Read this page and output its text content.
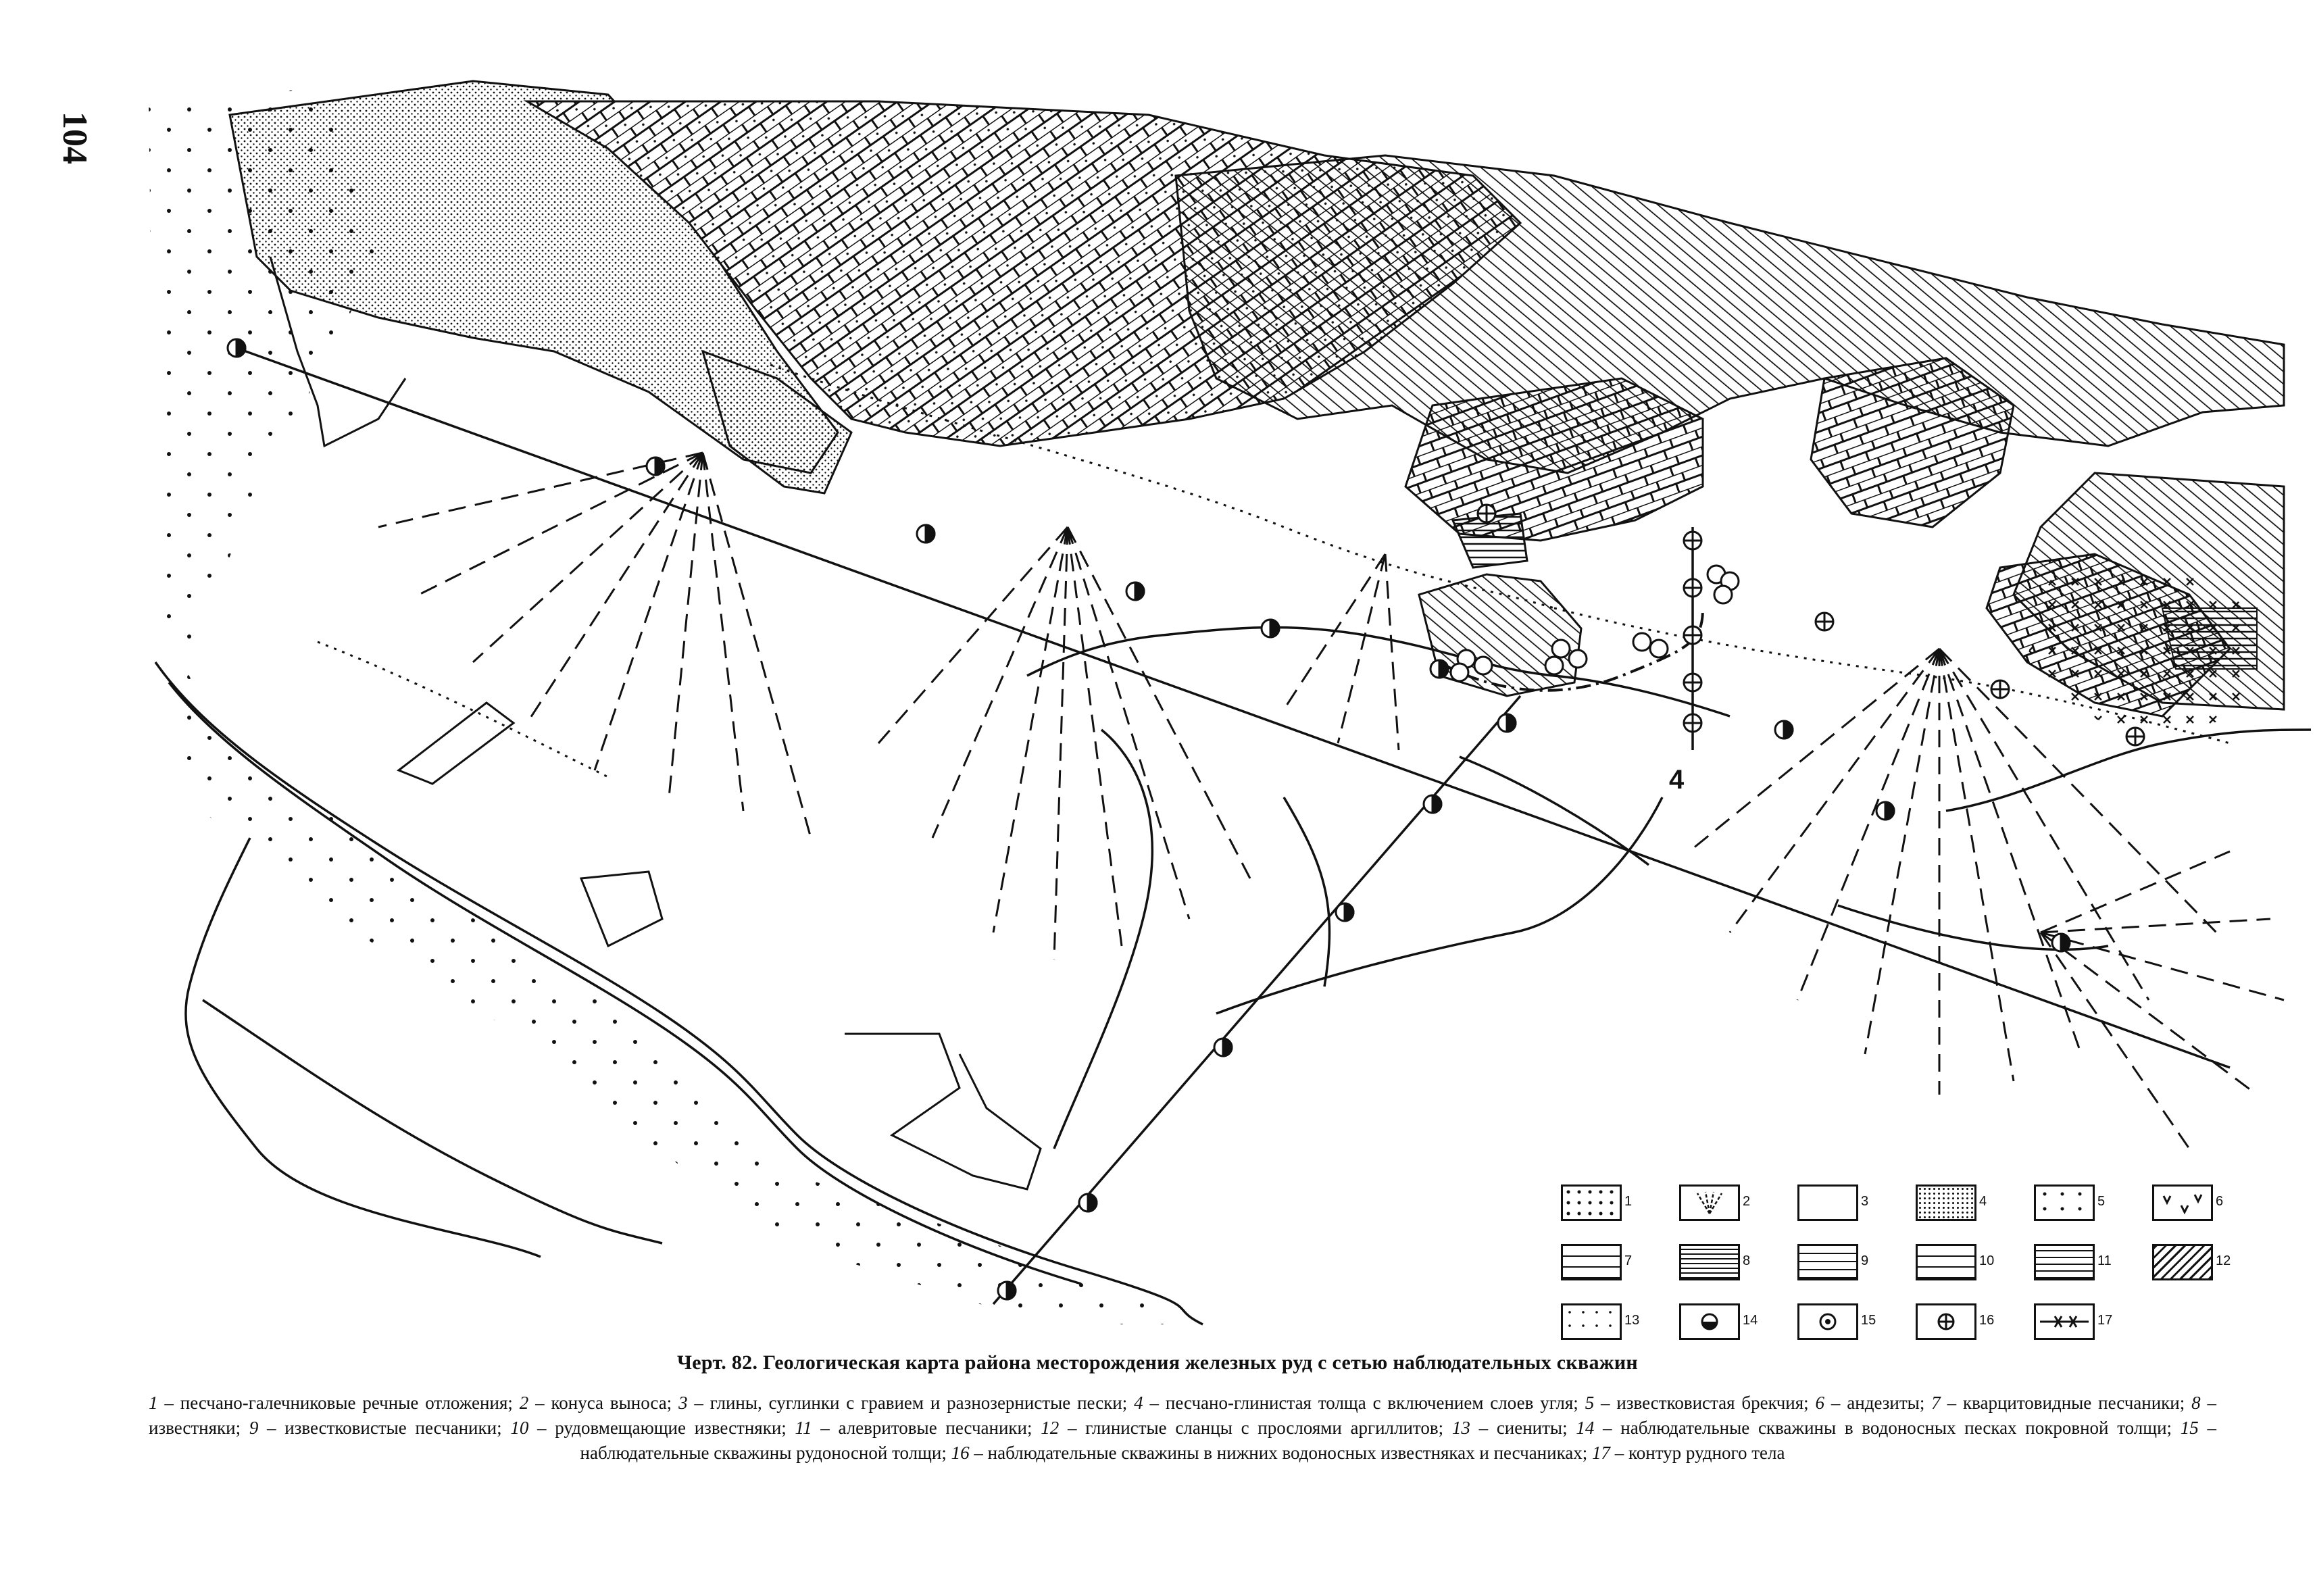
104
4
1	2	3	4	5	6
7	8	9	10	11	12
13	14	15	16	17
Черт. 82. Геологическая карта района месторождения железных руд с сетью наблюдательных скважин
1 – песчано-галечниковые речные отложения; 2 – конуса выноса; 3 – глины, суглинки с гравием и разнозернистые пески; 4 – песчано-глинистая толща с включением слоев угля; 5 – известковистая брекчия; 6 – андезиты; 7 – кварцитовидные песчаники; 8 – известняки; 9 – известковистые песчаники; 10 – рудовмещающие известняки; 11 – алевритовые песчаники; 12 – глинистые сланцы с прослоями аргиллитов; 13 – сиениты; 14 – наблюдательные скважины в водоносных песках покровной толщи; 15 – наблюдательные скважины рудоносной толщи; 16 – наблюдательные скважины в нижних водоносных известняках и песчаниках; 17 – контур рудного тела
